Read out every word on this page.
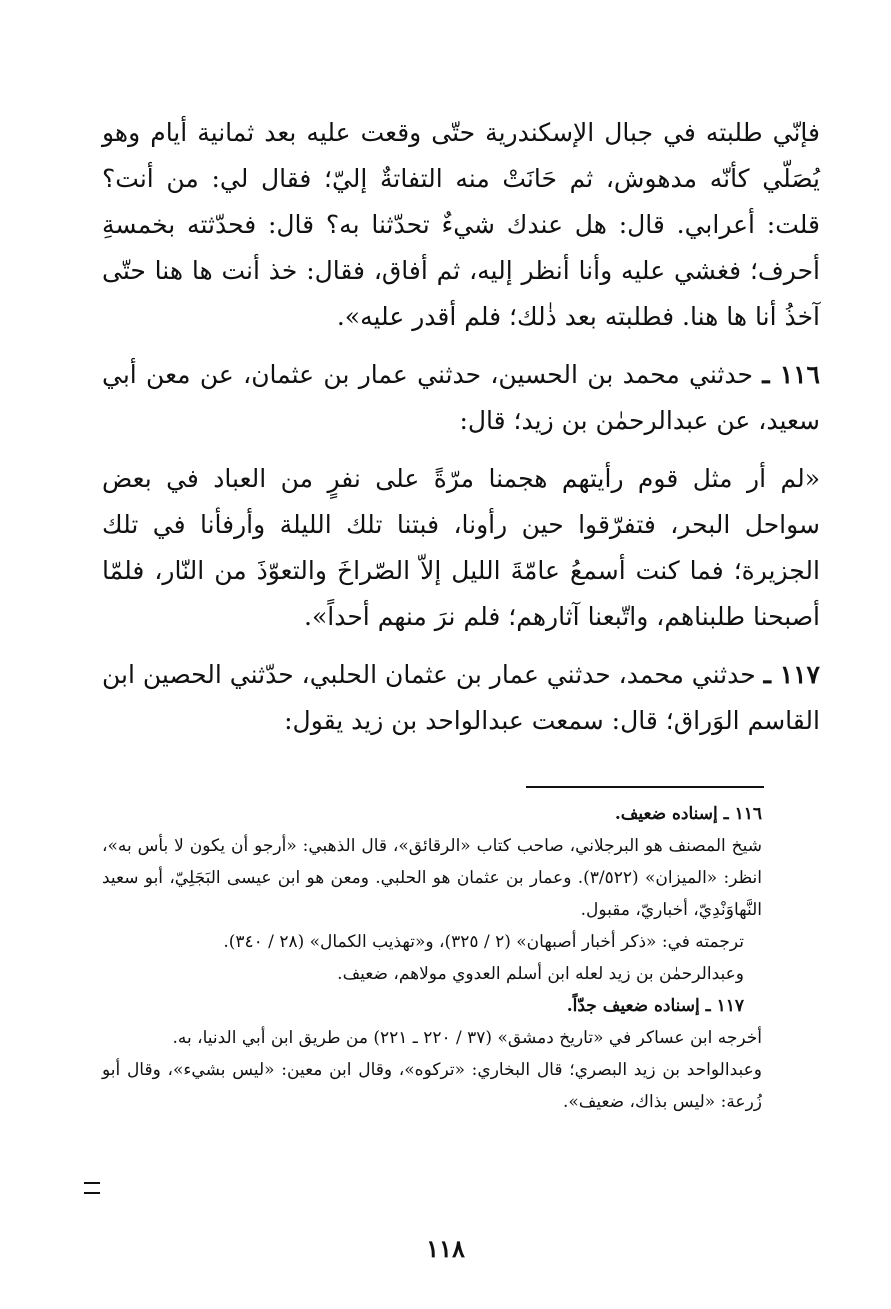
فإنّي طلبته في جبال الإسكندرية حتّى وقعت عليه بعد ثمانية أيام وهو يُصَلّي كأنّه مدهوش، ثم حَانَتْ منه التفاتةٌ إليّ؛ فقال لي: من أنت؟ قلت: أعرابي. قال: هل عندك شيءٌ تحدّثنا به؟ قال: فحدّثته بخمسةِ أحرف؛ فغشي عليه وأنا أنظر إليه، ثم أفاق، فقال: خذ أنت ها هنا حتّى آخذُ أنا ها هنا. فطلبته بعد ذٰلك؛ فلم أقدر عليه».

١١٦ ـ حدثني محمد بن الحسين، حدثني عمار بن عثمان، عن معن أبي سعيد، عن عبدالرحمٰن بن زيد؛ قال:

«لم أر مثل قوم رأيتهم هجمنا مرّةً على نفرٍ من العباد في بعض سواحل البحر، فتفرّقوا حين رأونا، فبتنا تلك الليلة وأرفأنا في تلك الجزيرة؛ فما كنت أسمعُ عامّةَ الليل إلاّ الصّراخَ والتعوّذَ من النّار، فلمّا أصبحنا طلبناهم، واتّبعنا آثارهم؛ فلم نرَ منهم أحداً».

١١٧ ـ حدثني محمد، حدثني عمار بن عثمان الحلبي، حدّثني الحصين ابن القاسم الوَراق؛ قال: سمعت عبدالواحد بن زيد يقول:

١١٦ ـ إسناده ضعيف.

شيخ المصنف هو البرجلاني، صاحب كتاب «الرقائق»، قال الذهبي: «أرجو أن يكون لا بأس به»، انظر: «الميزان» (٣/٥٢٢). وعمار بن عثمان هو الحلبي. ومعن هو ابن عيسى البَجَلِيّ، أبو سعيد النَّهاوَنْدِيّ، أخباريّ، مقبول.

ترجمته في: «ذكر أخبار أصبهان» (٢ / ٣٢٥)، و«تهذيب الكمال» (٢٨ / ٣٤٠).

وعبدالرحمٰن بن زيد لعله ابن أسلم العدوي مولاهم، ضعيف.

١١٧ ـ إسناده ضعيف جدّاً.

أخرجه ابن عساكر في «تاريخ دمشق» (٣٧ / ٢٢٠ ـ ٢٢١) من طريق ابن أبي الدنيا، به.

وعبدالواحد بن زيد البصري؛ قال البخاري: «تركوه»، وقال ابن معين: «ليس بشيء»، وقال أبو زُرعة: «ليس بذاك، ضعيف».

١١٨
